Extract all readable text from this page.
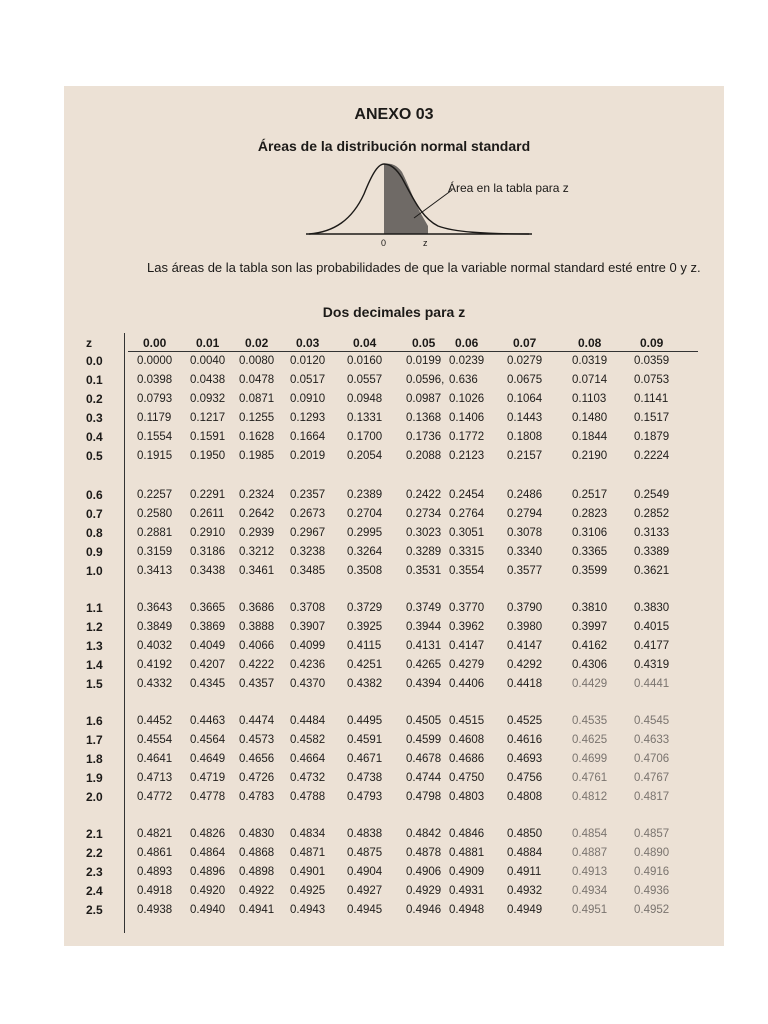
ANEXO 03
Áreas de la distribución normal standard
Área en la tabla para z
0	z
Las áreas de la tabla son las probabilidades de que la variable normal standard esté entre 0 y z.
Dos decimales para z
z	0.00 0.01 0.02 0.03	0.04	0.05 0.06	0.07	0.08	0.09
0.0	0.0000 0.0040 0.0080 0.0120 0.0160 0.0199 0.0239 0.0279	0.0319 0.0359
0.1	0.0398 0.0438 0.0478 0.0517 0.0557 0.0596, 0.636	0.0675	0.0714 0.0753
0.2	0.0793 0.0932 0.0871 0.0910 0.0948 0.0987 0.1026 0.1064	0.1103 0.1141
0.3	0.1179 0.1217 0.1255 0.1293 0.1331 0.1368 0.1406 0.1443	0.1480 0.1517
0.4	0.1554 0.1591 0.1628 0.1664 0.1700 0.1736 0.1772 0.1808	0.1844 0.1879
0.5	0.1915 0.1950 0.1985 0.2019 0.2054 0.2088 0.2123 0.2157	0.2190 0.2224
0.6	0.2257 0.2291 0.2324 0.2357 0.2389 0.2422 0.2454 0.2486	0.2517 0.2549
0.7	0.2580 0.2611 0.2642 0.2673 0.2704 0.2734 0.2764 0.2794	0.2823 0.2852
0.8	0.2881 0.2910 0.2939 0.2967 0.2995 0.3023 0.3051 0.3078	0.3106 0.3133
0.9	0.3159 0.3186 0.3212 0.3238 0.3264 0.3289 0.3315 0.3340	0.3365 0.3389
1.0	0.3413 0.3438 0.3461 0.3485 0.3508 0.3531 0.3554 0.3577	0.3599 0.3621
1.1	0.3643 0.3665 0.3686 0.3708 0.3729 0.3749 0.3770 0.3790	0.3810 0.3830
1.2	0.3849 0.3869 0.3888 0.3907 0.3925 0.3944 0.3962 0.3980	0.3997 0.4015
1.3	0.4032 0.4049 0.4066 0.4099 0.4115 0.4131 0.4147 0.4147	0.4162 0.4177
1.4	0.4192 0.4207 0.4222 0.4236 0.4251 0.4265 0.4279 0.4292	0.4306 0.4319
1.5	0.4332 0.4345 0.4357 0.4370 0.4382 0.4394 0.4406 0.4418	0.4429 0.4441
1.6	0.4452 0.4463 0.4474 0.4484 0.4495 0.4505 0.4515 0.4525	0.4535 0.4545
1.7	0.4554 0.4564 0.4573 0.4582 0.4591 0.4599 0.4608 0.4616	0.4625 0.4633
1.8	0.4641 0.4649 0.4656 0.4664 0.4671 0.4678 0.4686 0.4693	0.4699 0.4706
1.9	0.4713 0.4719 0.4726 0.4732 0.4738 0.4744 0.4750 0.4756	0.4761 0.4767
2.0	0.4772 0.4778 0.4783 0.4788 0.4793 0.4798 0.4803 0.4808	0.4812 0.4817
2.1	0.4821 0.4826 0.4830 0.4834 0.4838 0.4842 0.4846 0.4850	0.4854 0.4857
2.2	0.4861 0.4864 0.4868 0.4871 0.4875 0.4878 0.4881 0.4884	0.4887 0.4890
2.3	0.4893 0.4896 0.4898 0.4901 0.4904 0.4906 0.4909 0.4911	0.4913 0.4916
2.4	0.4918 0.4920 0.4922 0.4925 0.4927 0.4929 0.4931 0.4932	0.4934 0.4936
2.5	0.4938 0.4940 0.4941 0.4943 0.4945 0.4946 0.4948 0.4949	0.4951 0.4952
